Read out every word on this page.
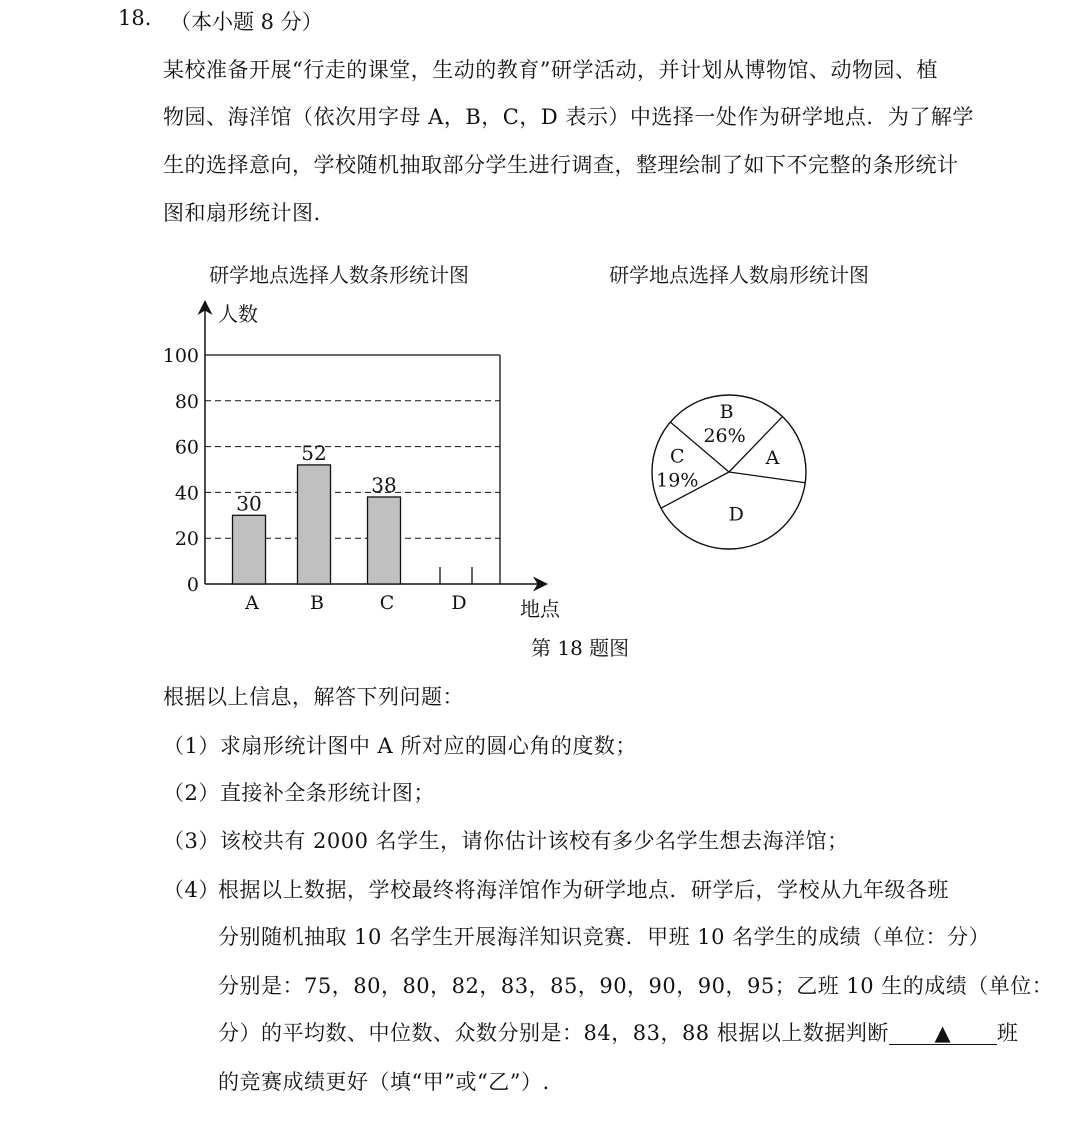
18. （本小题 8 分）
某校准备开展“行走的课堂，生动的教育”研学活动，并计划从博物馆、动物园、植
物园、海洋馆（依次用字母 A，B，C，D 表示）中选择一处作为研学地点．为了解学
生的选择意向，学校随机抽取部分学生进行调查，整理绘制了如下不完整的条形统计
图和扇形统计图.
研学地点选择人数条形统计图	研学地点选择人数扇形统计图
人数
地点
0
20
40
60
80
100
A	B	C	D
30
52
38
A
B
26%
C
19%
D
第 18 题图
根据以上信息，解答下列问题：
（1）求扇形统计图中 A 所对应的圆心角的度数；
（2）直接补全条形统计图；
（3）该校共有 2000 名学生，请你估计该校有多少名学生想去海洋馆；
（4）
根据以上数据，学校最终将海洋馆作为研学地点．研学后，学校从九年级各班
分别随机抽取 10 名学生开展海洋知识竞赛．甲班 10 名学生的成绩（单位：分）
分别是：75，80，80，82，83，85，90，90，90，95；乙班 10 生的成绩（单位：
分）的平均数、中位数、众数分别是：84，83，88 根据以上数据判断 ▲ 班
的竞赛成绩更好（填“甲”或“乙”）.
